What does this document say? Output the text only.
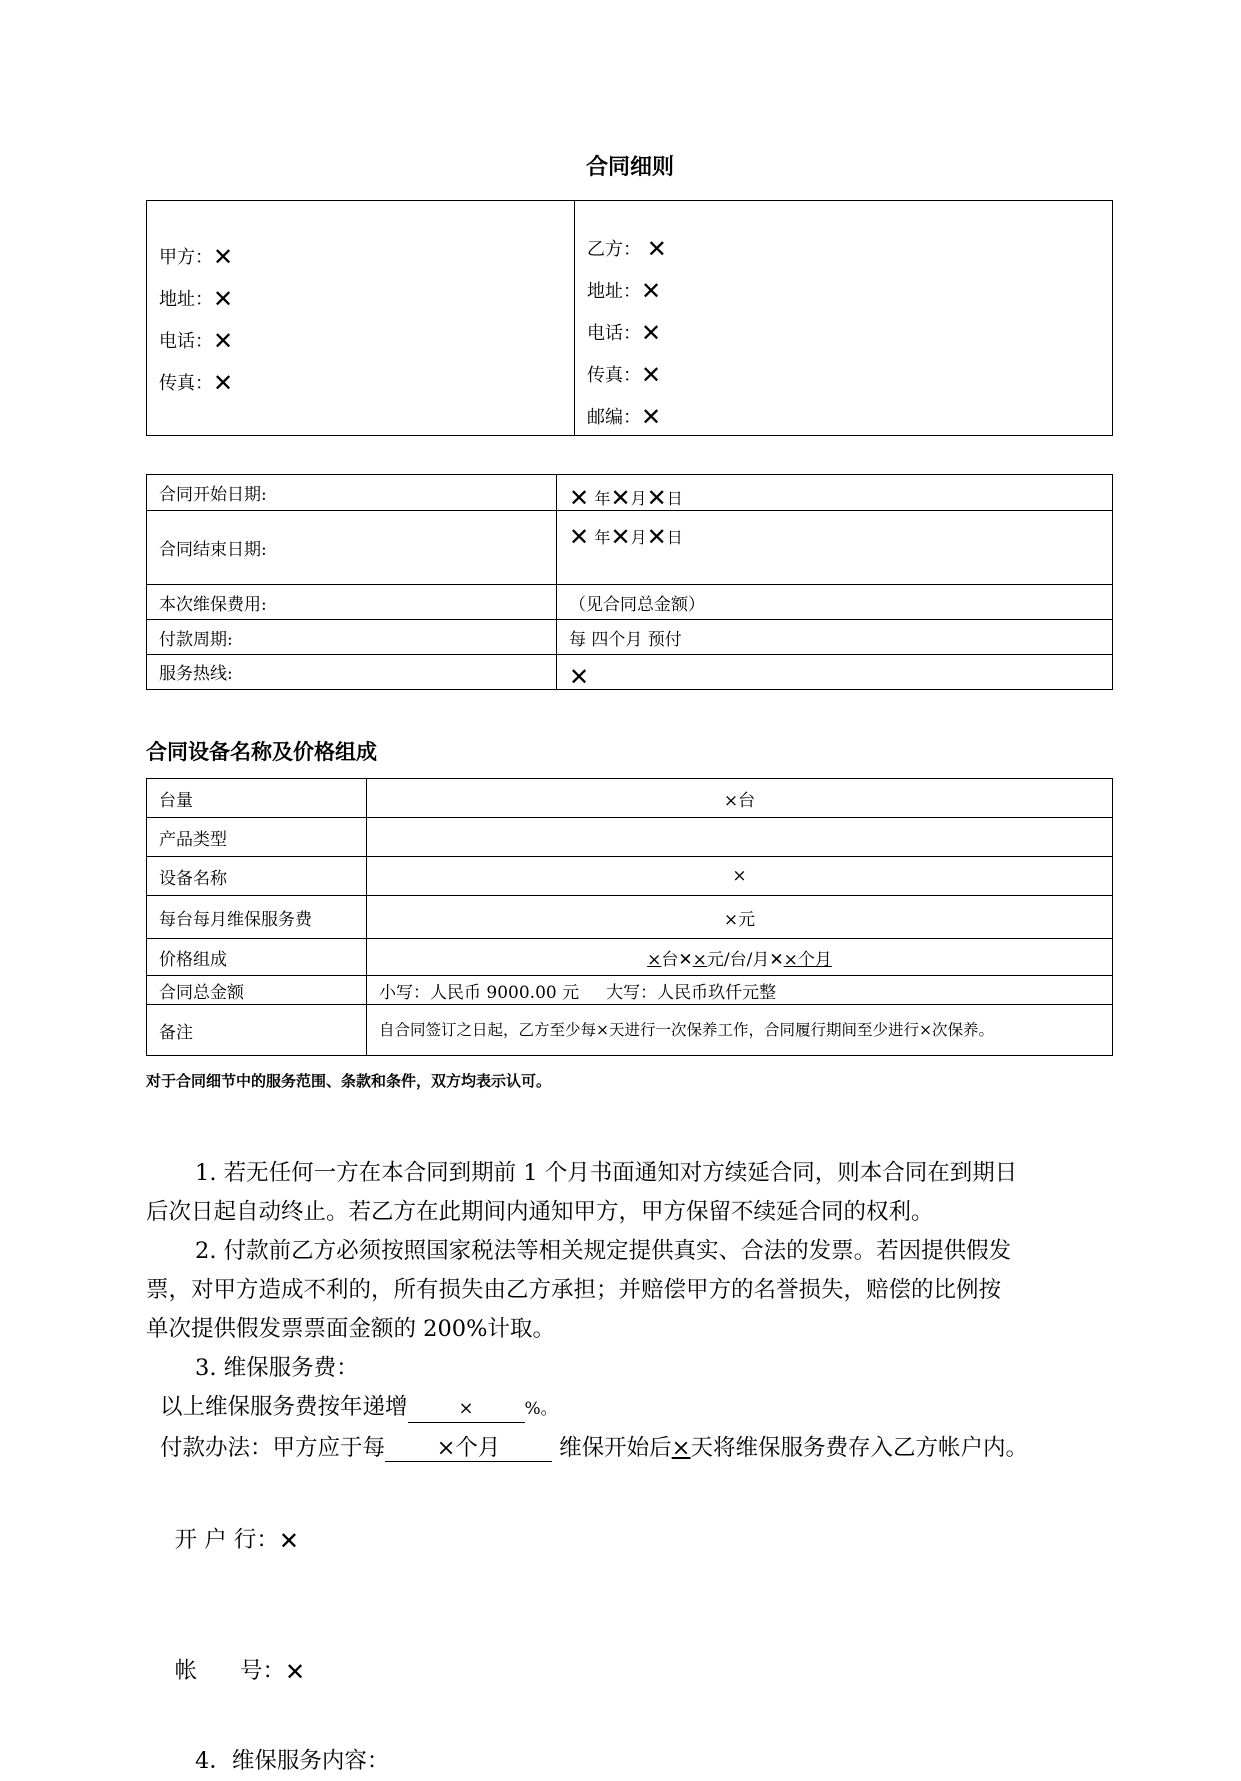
合同细则
甲方：✕
地址：✕
电话：✕
传真：✕
乙方： ✕
地址：✕
电话：✕
传真：✕
邮编：✕
合同开始日期:	✕ 年✕月✕日
合同结束日期:	✕ 年✕月✕日
本次维保费用:	（见合同总金额）
付款周期:	每 四个月 预付
服务热线:	✕
合同设备名称及价格组成
台量	×台
产品类型	
设备名称	×
每台每月维保服务费	×元
价格组成	×台✕×元/台/月✕×个月
合同总金额	小写：人民币 9000.00 元     大写：人民币玖仟元整
备注	自合同签订之日起，乙方至少每×天进行一次保养工作，合同履行期间至少进行×次保养。
对于合同细节中的服务范围、条款和条件，双方均表示认可。
1. 若无任何一方在本合同到期前 1 个月书面通知对方续延合同，则本合同在到期日
后次日起自动终止。若乙方在此期间内通知甲方，甲方保留不续延合同的权利。
2. 付款前乙方必须按照国家税法等相关规定提供真实、合法的发票。若因提供假发
票，对甲方造成不利的，所有损失由乙方承担；并赔偿甲方的名誉损失，赔偿的比例按
单次提供假发票票面金额的 200%计取。
3. 维保服务费：
以上维保服务费按年递增	×	%。
付款办法：甲方应于每 ×个月 维保开始后×天将维保服务费存入乙方帐户内。

开 户 行：✕

帐      号：✕

4．维保服务内容：
